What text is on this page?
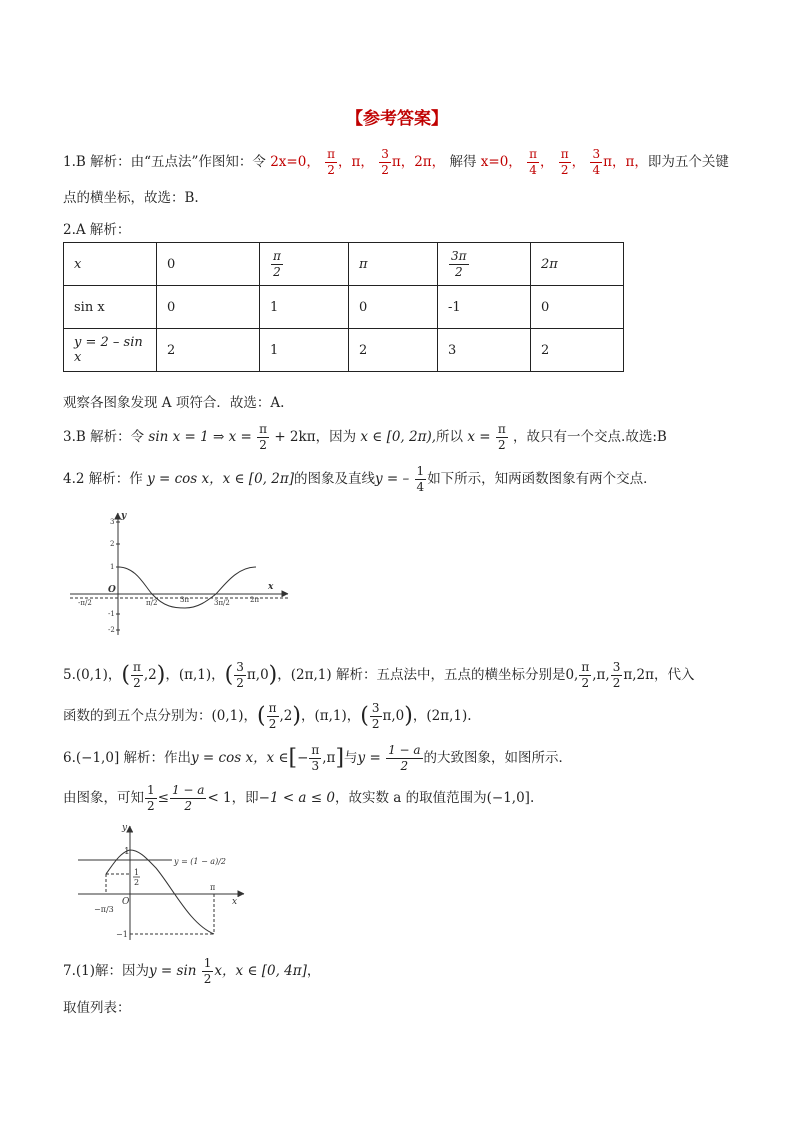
【参考答案】
1.B 解析：由“五点法”作图知：令 2x=0， $\frac{\pi}{2}$ ，π， $\frac{3}{2}$ π，2π， 解得 x=0， $\frac{\pi}{4}$ ， $\frac{\pi}{2}$ ， $\frac{3}{4}$ π，π，即为五个关键
点的横坐标，故选：B.
2.A 解析：
x	0	$\frac{\pi}{2}$	π	$\frac{3\pi}{2}$	2π
sin x	0	1	0	-1	0
y = 2 – sin x	2	1	2	3	2
观察各图象发现 A 项符合．故选：A.
3.B 解析：令 sin x = 1 ⇒ $x = \frac{\pi}{2} + 2k\pi$，因为 x ∈ [0, 2π),所以 $x = \frac{\pi}{2}$ ，故只有一个交点.故选:B
4.2 解析：作 y = cos x，x ∈ [0, 2π]的图象及直线y = – $\frac{1}{4}$ 如下所示，知两函数图象有两个交点．
3
2
1
-1
-2
-π/2	π/2	3π	3π/2	2π
y
x
O
5.(0,1)，( $\frac{\pi}{2} ,2$)，(π,1)，( $\frac{3}{2} \pi,0$)，(2π,1) 解析：五点法中，五点的横坐标分别是0, $\frac{\pi}{2} ,\pi$, $\frac{3}{2} \pi,2\pi$，代入
函数的到五个点分别为：(0,1)，( $\frac{\pi}{2} ,2$)，(π,1)，( $\frac{3}{2} \pi,0$)，(2π,1).
6.(−1,0] 解析：作出y = cos x，x ∈[− $\frac{\pi}{3} ,\pi$]与$y = \frac{1 - a}{2}$ 的大致图象，如图所示．
由图象，可知 $\frac{1}{2} \le \frac{1 - a}{2} < 1$，即−1 < a ≤ 0，故实数 a 的取值范围为(−1,0].
y
x
O
1
1
2
−π/3
π
−1
y = (1 − a)/2
7.(1)解：因为$y = \sin \frac{1}{2}$ x，x ∈ [0, 4π]，
取值列表：
